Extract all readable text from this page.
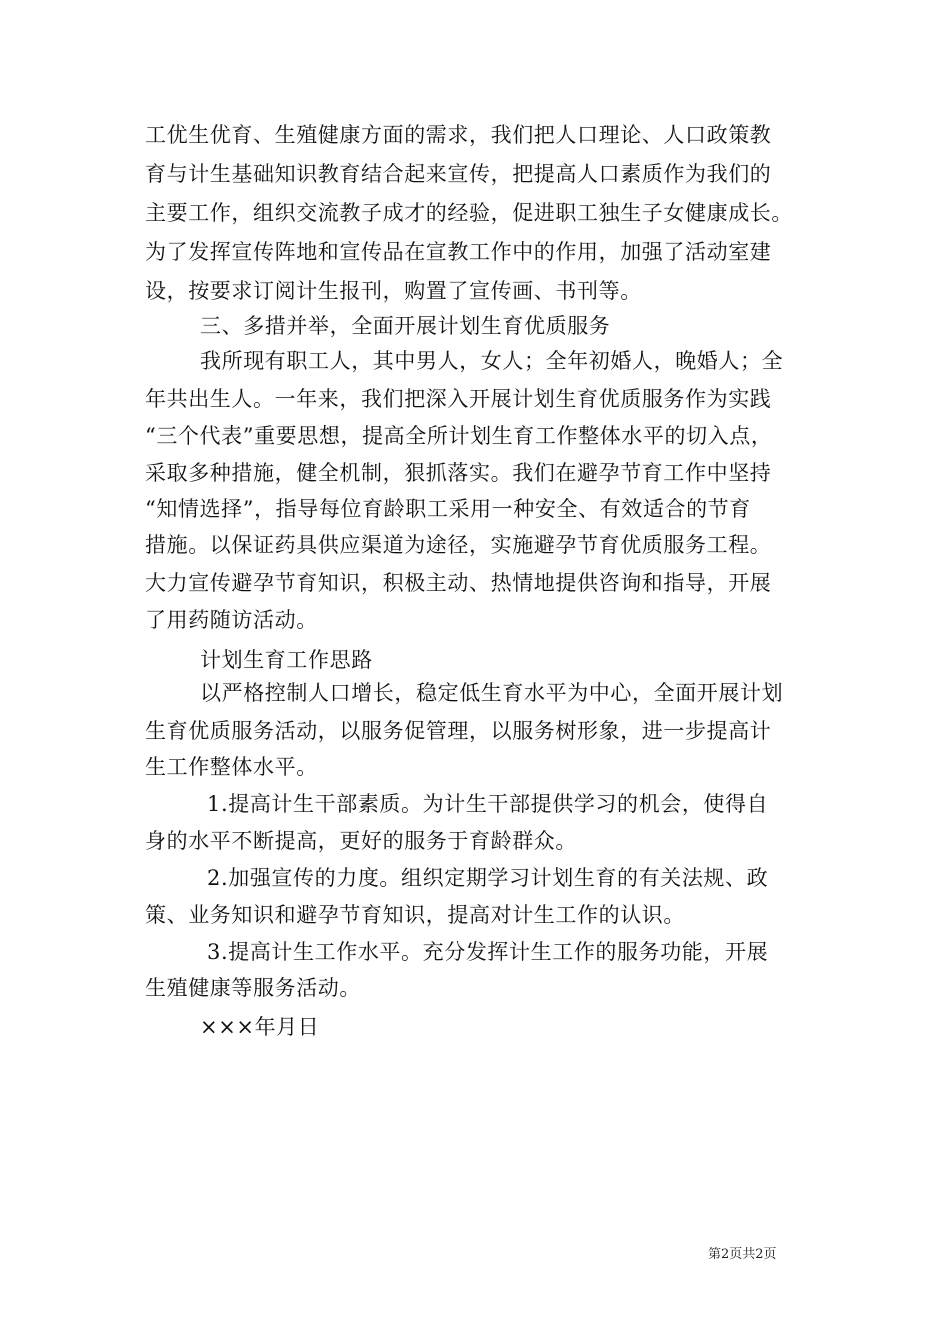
工优生优育、生殖健康方面的需求，我们把人口理论、人口政策教
育与计生基础知识教育结合起来宣传，把提高人口素质作为我们的
主要工作，组织交流教子成才的经验，促进职工独生子女健康成长。
为了发挥宣传阵地和宣传品在宣教工作中的作用，加强了活动室建
设，按要求订阅计生报刊，购置了宣传画、书刊等。
三、多措并举，全面开展计划生育优质服务
我所现有职工人，其中男人，女人；全年初婚人，晚婚人；全
年共出生人。一年来，我们把深入开展计划生育优质服务作为实践
“三个代表”重要思想，提高全所计划生育工作整体水平的切入点，
采取多种措施，健全机制，狠抓落实。我们在避孕节育工作中坚持
“知情选择”，指导每位育龄职工采用一种安全、有效适合的节育
措施。以保证药具供应渠道为途径，实施避孕节育优质服务工程。
大力宣传避孕节育知识，积极主动、热情地提供咨询和指导，开展
了用药随访活动。
计划生育工作思路
以严格控制人口增长，稳定低生育水平为中心，全面开展计划
生育优质服务活动，以服务促管理，以服务树形象，进一步提高计
生工作整体水平。
1.提高计生干部素质。为计生干部提供学习的机会，使得自
身的水平不断提高，更好的服务于育龄群众。
2.加强宣传的力度。组织定期学习计划生育的有关法规、政
策、业务知识和避孕节育知识，提高对计生工作的认识。
3.提高计生工作水平。充分发挥计生工作的服务功能，开展
生殖健康等服务活动。
×××年月日
第2页共2页
